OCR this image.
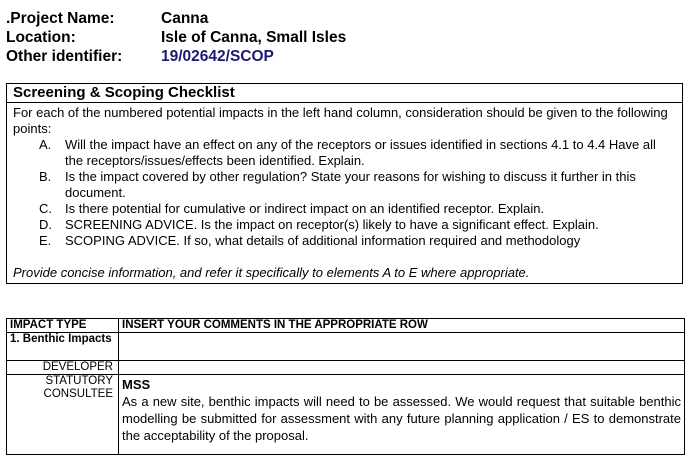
.Project Name:	Canna
Location:	Isle of Canna, Small Isles
Other identifier: 19/02642/SCOP
Screening & Scoping Checklist

For each of the numbered potential impacts in the left hand column, consideration should be given to the following points:

A. Will the impact have an effect on any of the receptors or issues identified in sections 4.1 to 4.4 Have all the receptors/issues/effects been identified. Explain.
B. Is the impact covered by other regulation? State your reasons for wishing to discuss it further in this document.
C. Is there potential for cumulative or indirect impact on an identified receptor. Explain.
D. SCREENING ADVICE. Is the impact on receptor(s) likely to have a significant effect. Explain.
E. SCOPING ADVICE. If so, what details of additional information required and methodology
Provide concise information, and refer it specifically to elements A to E where appropriate.
IMPACT TYPE	INSERT YOUR COMMENTS IN THE APPROPRIATE ROW
1. Benthic Impacts	
DEVELOPER	
STATUTORY CONSULTEE	MSS
As a new site, benthic impacts will need to be assessed. We would request that suitable benthic modelling be submitted for assessment with any future planning application / ES to demonstrate the acceptability of the proposal.
